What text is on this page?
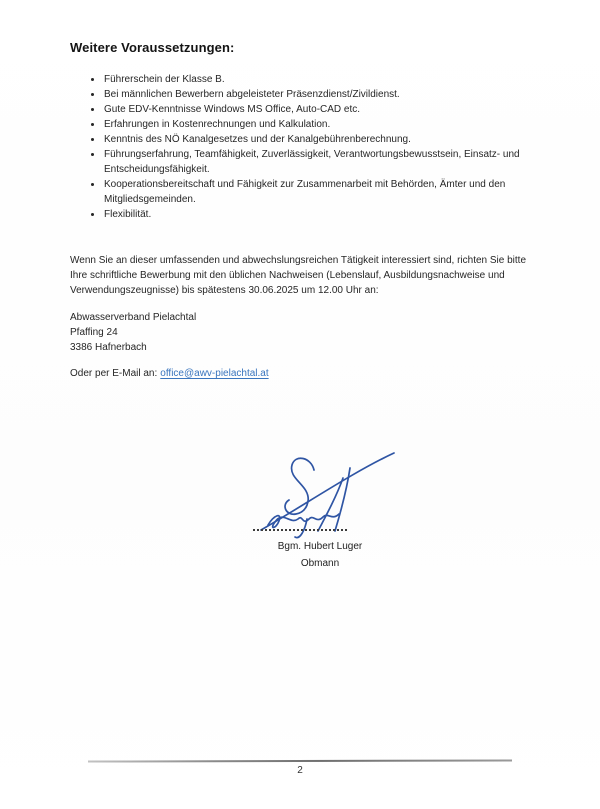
Weitere Voraussetzungen:
• Führerschein der Klasse B.
• Bei männlichen Bewerbern abgeleisteter Präsenzdienst/Zivildienst.
• Gute EDV-Kenntnisse Windows MS Office, Auto-CAD etc.
• Erfahrungen in Kostenrechnungen und Kalkulation.
• Kenntnis des NÖ Kanalgesetzes und der Kanalgebührenberechnung.
• Führungserfahrung, Teamfähigkeit, Zuverlässigkeit, Verantwortungsbewusstsein, Einsatz- und Entscheidungsfähigkeit.
• Kooperationsbereitschaft und Fähigkeit zur Zusammenarbeit mit Behörden, Ämter und den Mitgliedsgemeinden.
• Flexibilität.

Wenn Sie an dieser umfassenden und abwechslungsreichen Tätigkeit interessiert sind, richten Sie bitte Ihre schriftliche Bewerbung mit den üblichen Nachweisen (Lebenslauf, Ausbildungsnachweise und Verwendungszeugnisse) bis spätestens 30.06.2025 um 12.00 Uhr an:

Abwasserverband Pielachtal
Pfaffing 24
3386 Hafnerbach
Oder per E-Mail an: office@awv-pielachtal.at
Bgm. Hubert Luger
Obmann
2
